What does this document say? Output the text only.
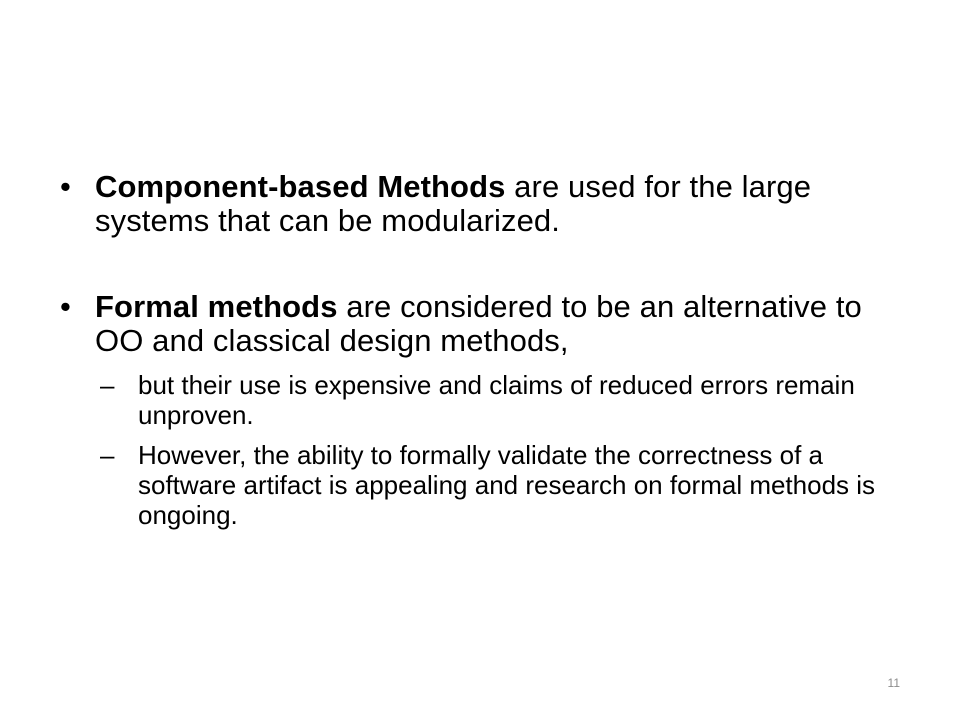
• Component-based Methods are used for the large systems that can be modularized.
• Formal methods are considered to be an alternative to OO and classical design methods,
– but their use is expensive and claims of reduced errors remain unproven.
– However, the ability to formally validate the correctness of a software artifact is appealing and research on formal methods is ongoing.
11
